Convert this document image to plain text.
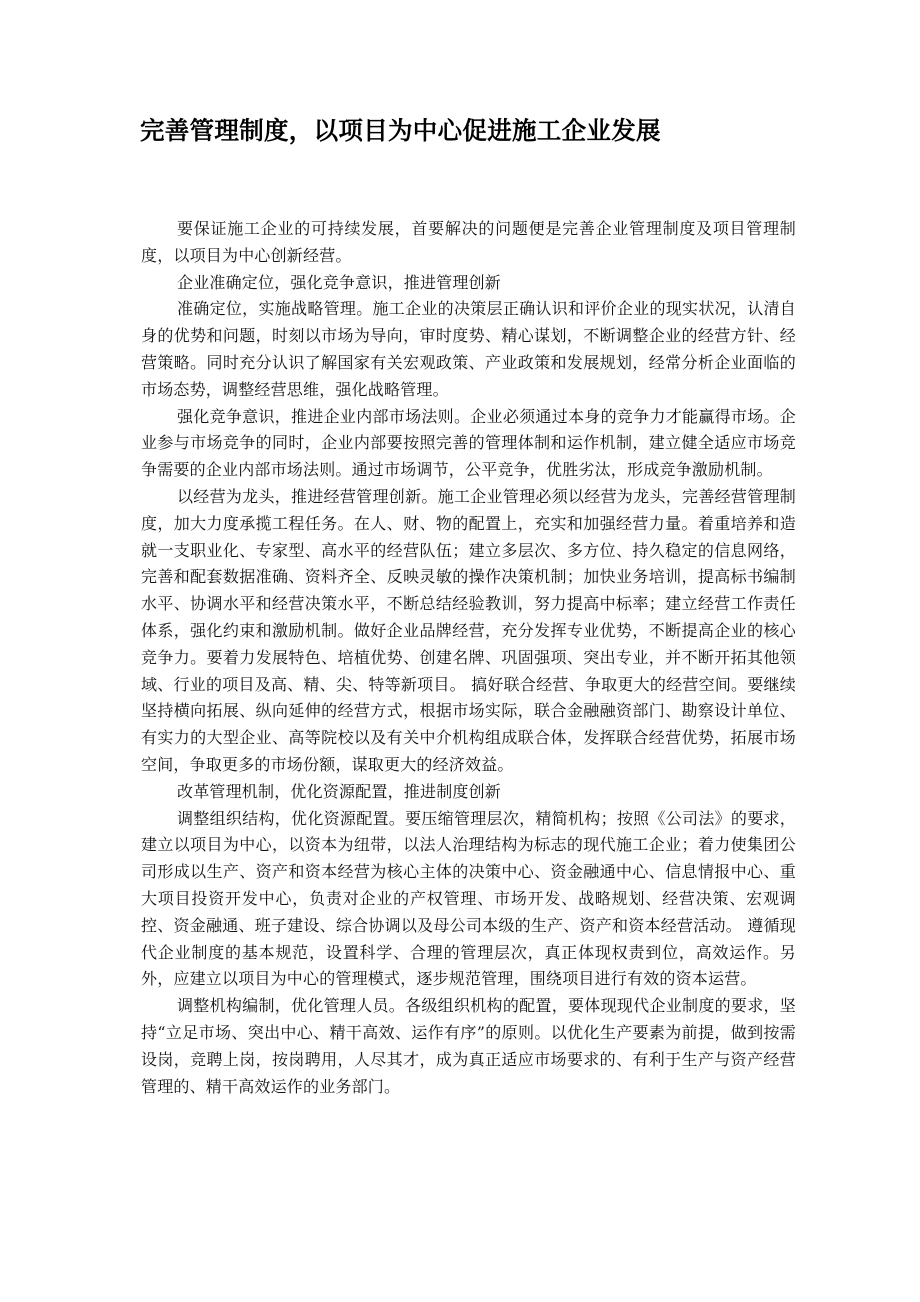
完善管理制度，以项目为中心促进施工企业发展

要保证施工企业的可持续发展，首要解决的问题便是完善企业管理制度及项目管理制度，以项目为中心创新经营。

企业准确定位，强化竞争意识，推进管理创新

准确定位，实施战略管理。施工企业的决策层正确认识和评价企业的现实状况，认清自身的优势和问题，时刻以市场为导向，审时度势、精心谋划，不断调整企业的经营方针、经营策略。同时充分认识了解国家有关宏观政策、产业政策和发展规划，经常分析企业面临的市场态势，调整经营思维，强化战略管理。

强化竞争意识，推进企业内部市场法则。企业必须通过本身的竞争力才能赢得市场。企业参与市场竞争的同时，企业内部要按照完善的管理体制和运作机制，建立健全适应市场竞争需要的企业内部市场法则。通过市场调节，公平竞争，优胜劣汰，形成竞争激励机制。

以经营为龙头，推进经营管理创新。施工企业管理必须以经营为龙头，完善经营管理制度，加大力度承揽工程任务。在人、财、物的配置上，充实和加强经营力量。着重培养和造就一支职业化、专家型、高水平的经营队伍；建立多层次、多方位、持久稳定的信息网络，完善和配套数据准确、资料齐全、反映灵敏的操作决策机制；加快业务培训，提高标书编制水平、协调水平和经营决策水平，不断总结经验教训，努力提高中标率；建立经营工作责任体系，强化约束和激励机制。做好企业品牌经营，充分发挥专业优势，不断提高企业的核心竞争力。要着力发展特色、培植优势、创建名牌、巩固强项、突出专业，并不断开拓其他领域、行业的项目及高、精、尖、特等新项目。 搞好联合经营、争取更大的经营空间。要继续坚持横向拓展、纵向延伸的经营方式，根据市场实际，联合金融融资部门、勘察设计单位、有实力的大型企业、高等院校以及有关中介机构组成联合体，发挥联合经营优势，拓展市场空间，争取更多的市场份额，谋取更大的经济效益。

改革管理机制，优化资源配置，推进制度创新

调整组织结构，优化资源配置。要压缩管理层次，精简机构；按照《公司法》的要求，建立以项目为中心，以资本为纽带，以法人治理结构为标志的现代施工企业；着力使集团公司形成以生产、资产和资本经营为核心主体的决策中心、资金融通中心、信息情报中心、重大项目投资开发中心，负责对企业的产权管理、市场开发、战略规划、经营决策、宏观调控、资金融通、班子建设、综合协调以及母公司本级的生产、资产和资本经营活动。 遵循现代企业制度的基本规范，设置科学、合理的管理层次，真正体现权责到位，高效运作。另外，应建立以项目为中心的管理模式，逐步规范管理，围绕项目进行有效的资本运营。

调整机构编制，优化管理人员。各级组织机构的配置，要体现现代企业制度的要求，坚持“立足市场、突出中心、精干高效、运作有序”的原则。以优化生产要素为前提，做到按需设岗，竞聘上岗，按岗聘用，人尽其才，成为真正适应市场要求的、有利于生产与资产经营管理的、精干高效运作的业务部门。
